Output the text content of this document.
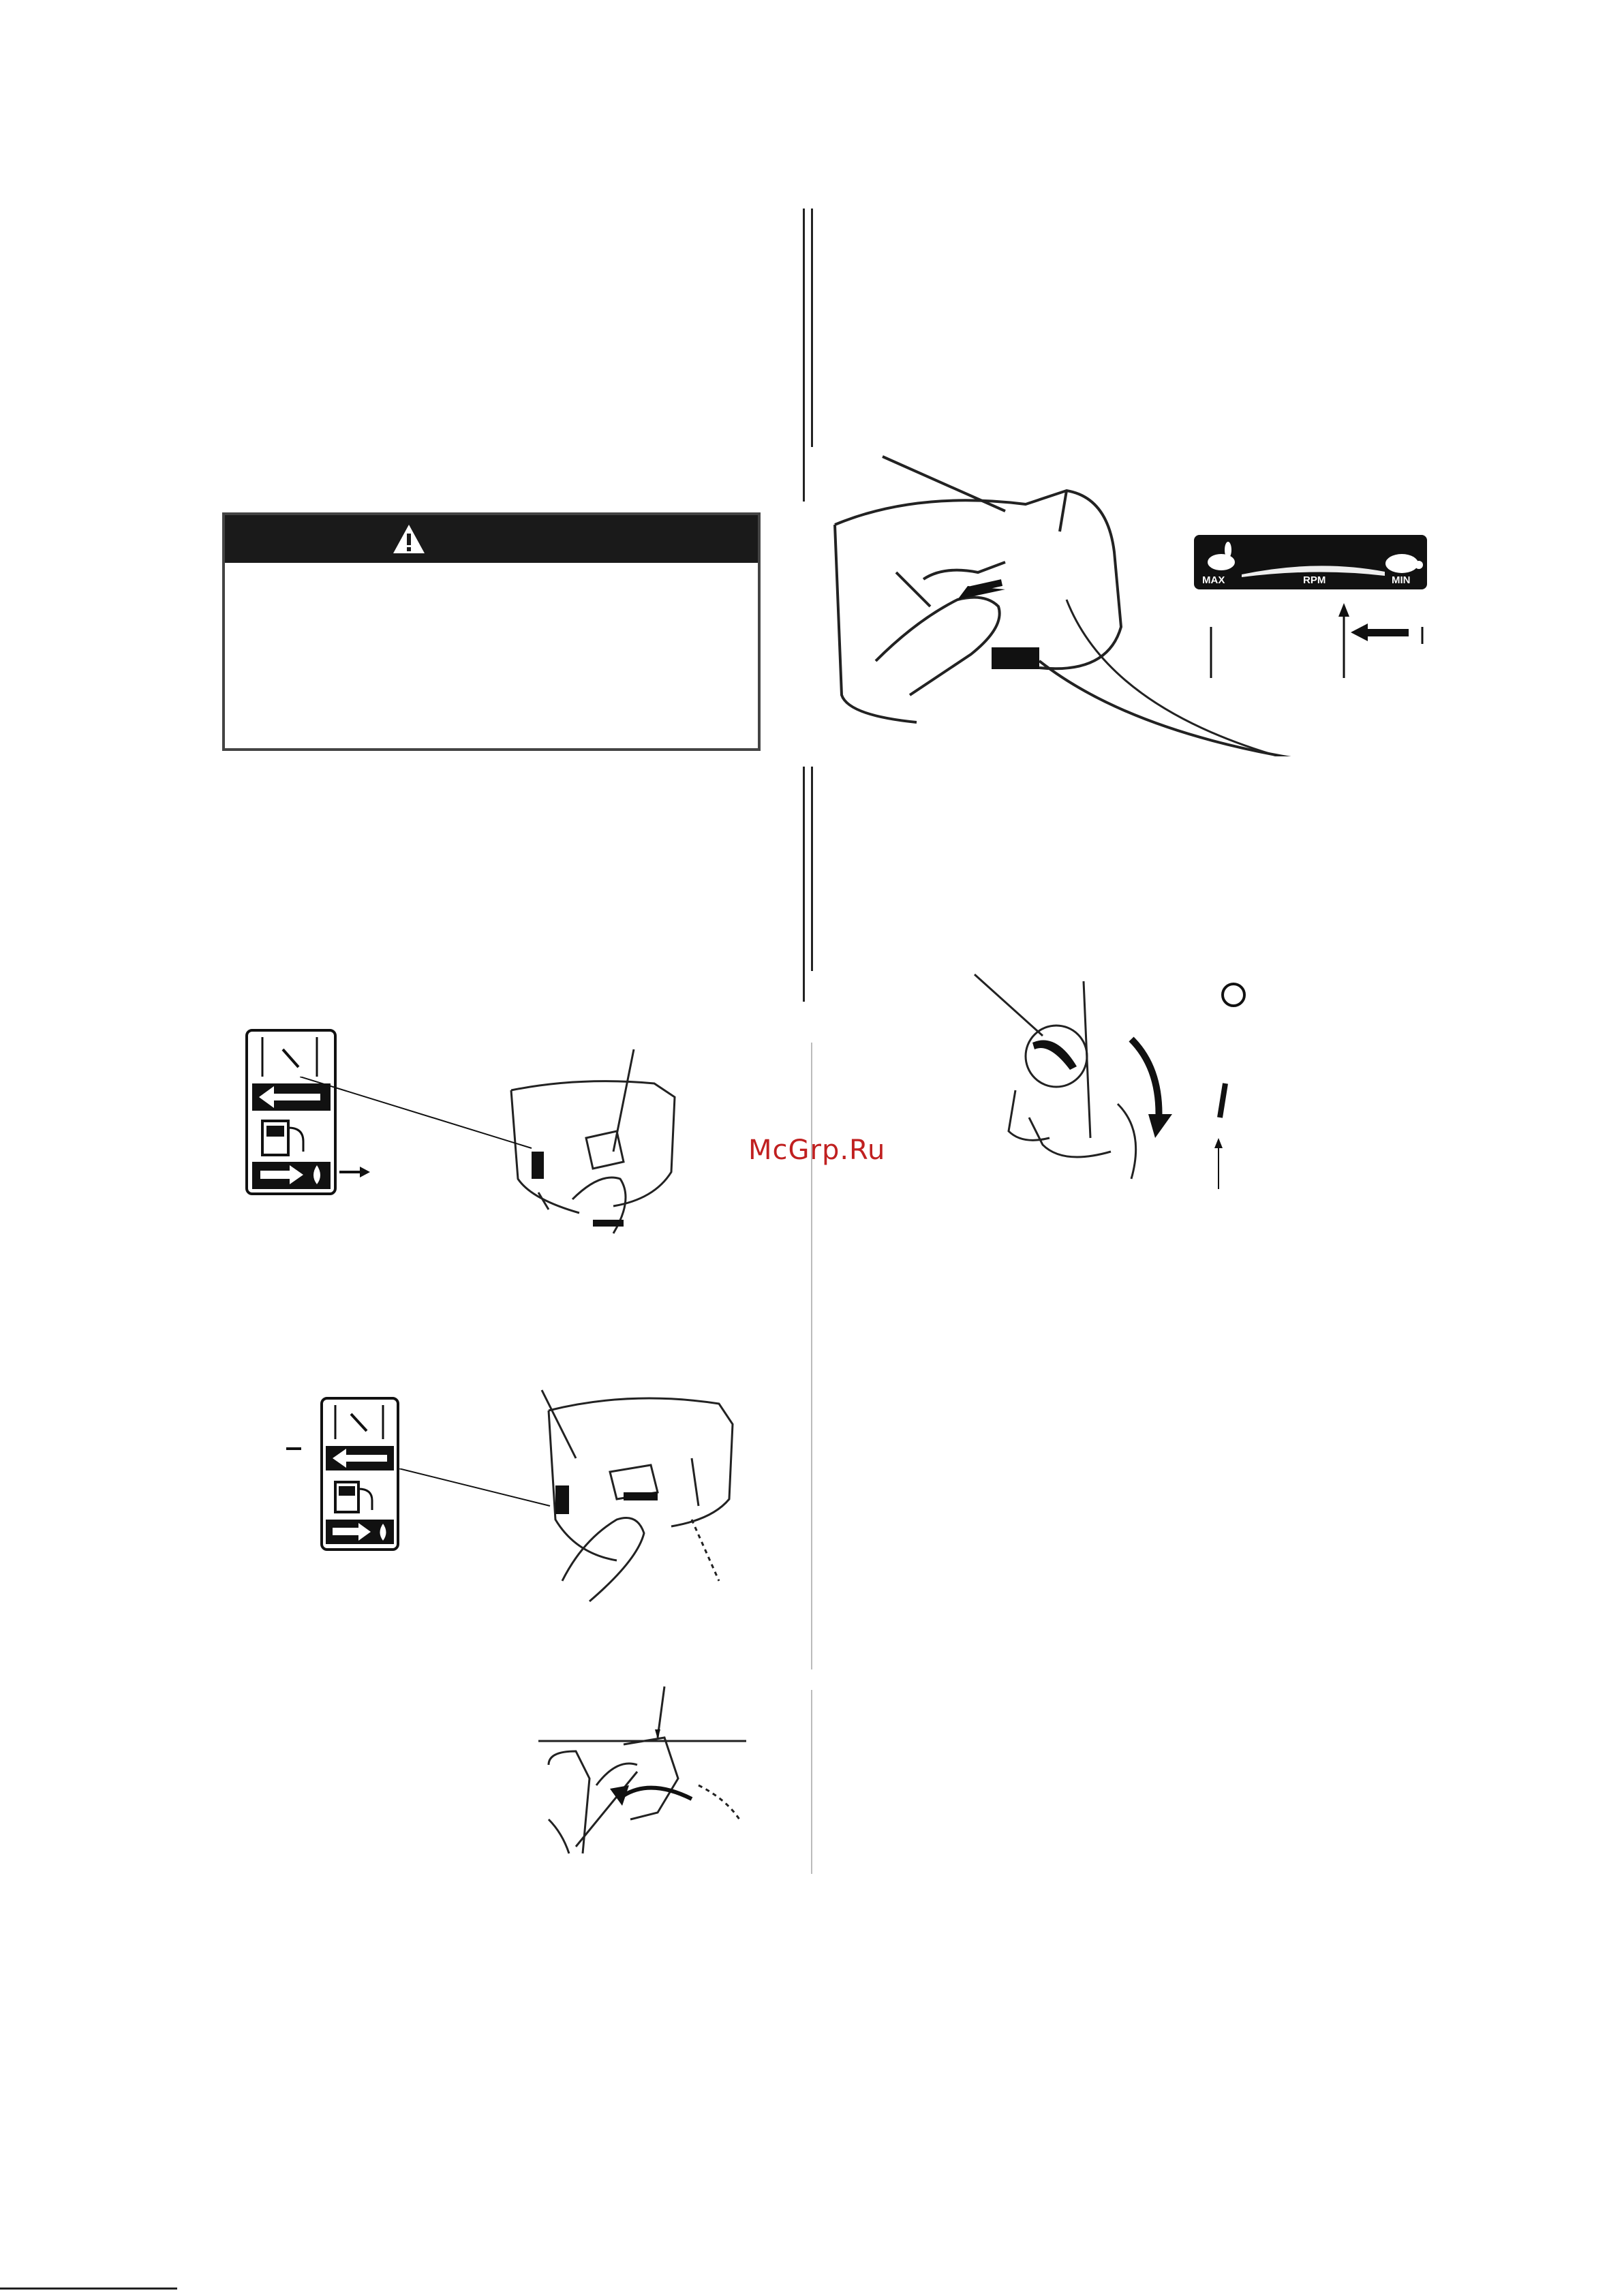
MAX	RPM	MIN
McGrp.Ru
